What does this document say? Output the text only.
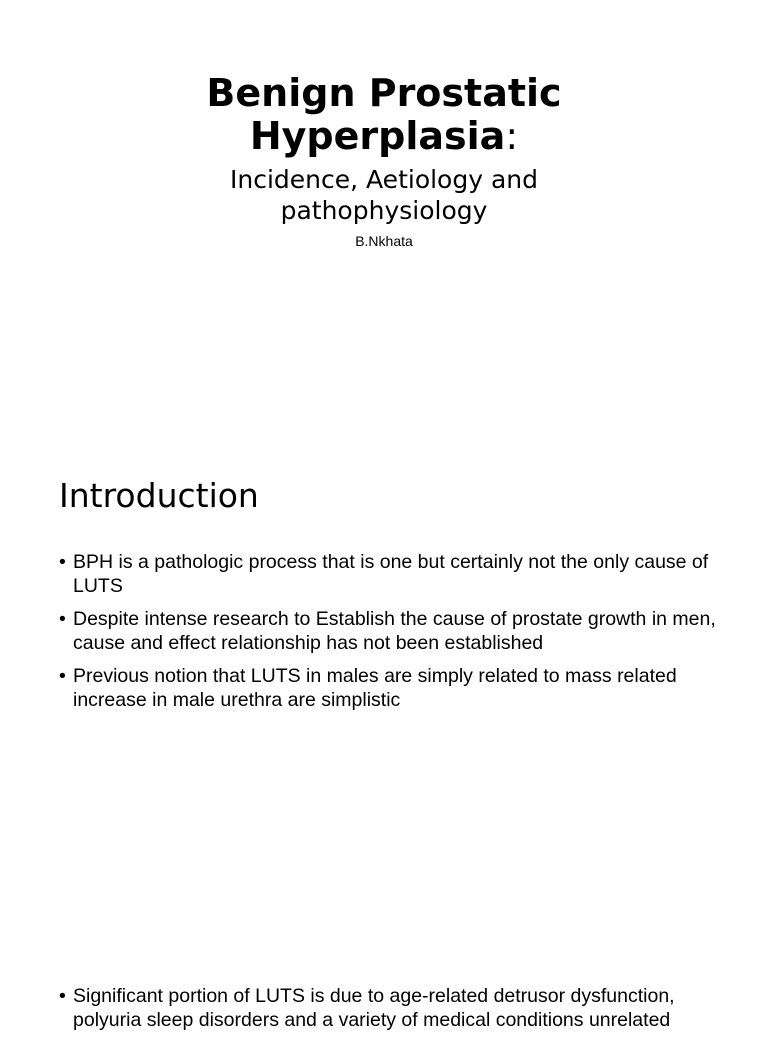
Benign Prostatic Hyperplasia:
Incidence, Aetiology and pathophysiology
B.Nkhata
Introduction
• BPH is a pathologic process that is one but certainly not the only cause of LUTS
• Despite intense research to Establish the cause of prostate growth in men, cause and effect relationship has not been established
• Previous notion that LUTS in males are simply related to mass related increase in male urethra are simplistic
• Significant portion of LUTS is due to age-related detrusor dysfunction, polyuria sleep disorders and a variety of medical conditions unrelated
